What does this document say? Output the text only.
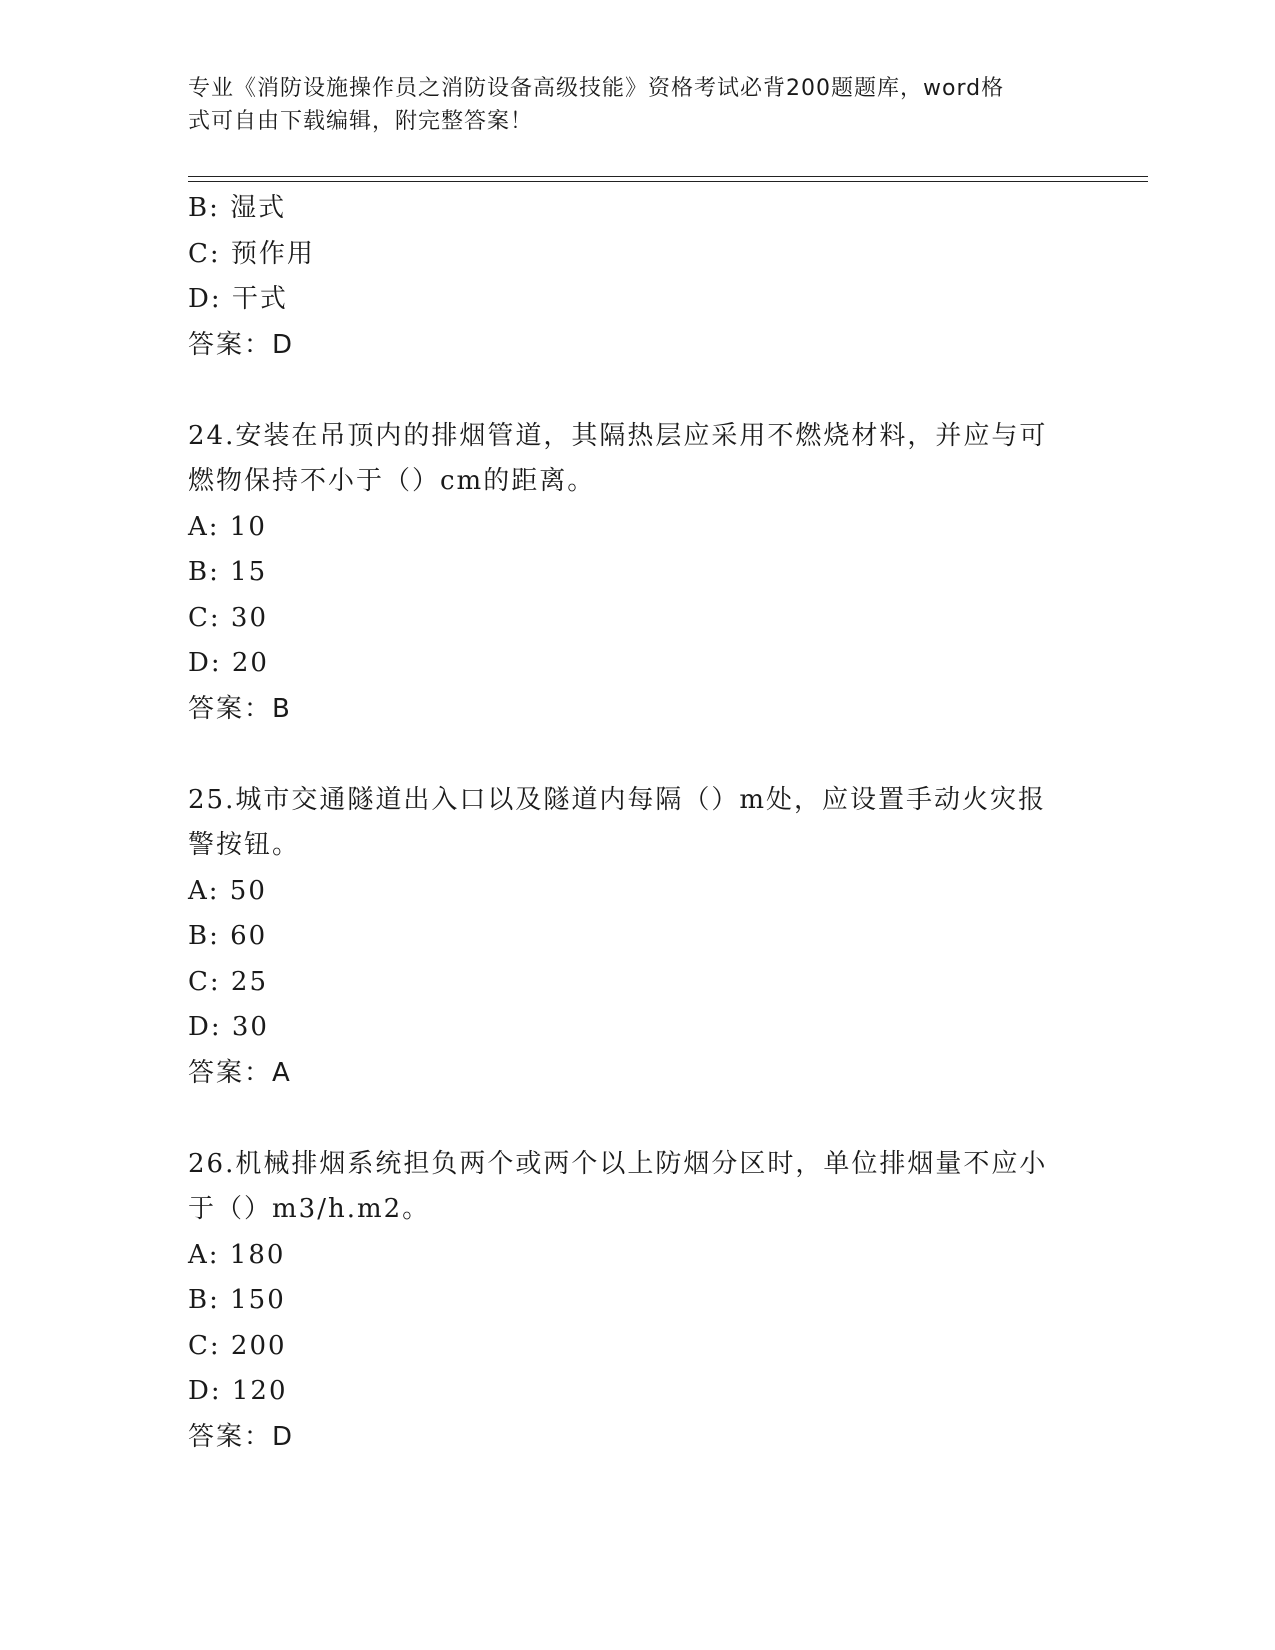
专业《消防设施操作员之消防设备高级技能》资格考试必背200题题库，word格
式可自由下载编辑，附完整答案！
B: 湿式
C: 预作用
D: 干式
答案：D
24.安装在吊顶内的排烟管道，其隔热层应采用不燃烧材料，并应与可
燃物保持不小于（）cm的距离。
A: 10
B: 15
C: 30
D: 20
答案：B
25.城市交通隧道出入口以及隧道内每隔（）m处，应设置手动火灾报
警按钮。
A: 50
B: 60
C: 25
D: 30
答案：A
26.机械排烟系统担负两个或两个以上防烟分区时，单位排烟量不应小
于（）m3/h.m2。
A: 180
B: 150
C: 200
D: 120
答案：D
